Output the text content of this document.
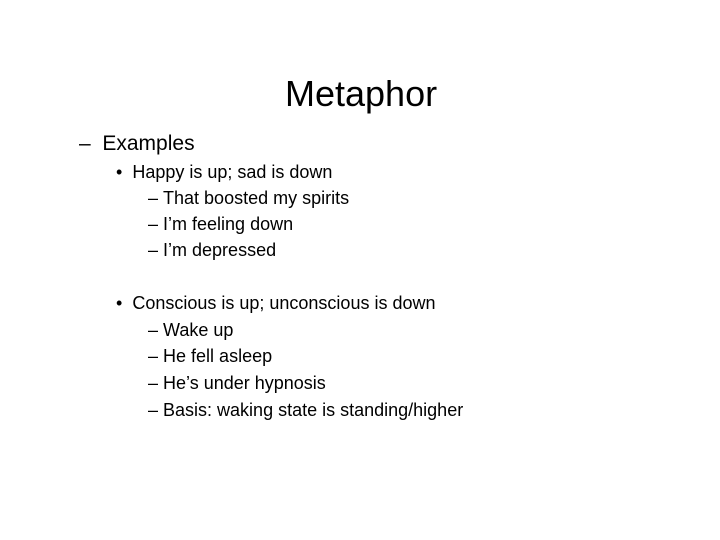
Metaphor
– Examples
• Happy is up; sad is down
– That boosted my spirits
– I’m feeling down
– I’m depressed
• Conscious is up; unconscious is down
– Wake up
– He fell asleep
– He’s under hypnosis
– Basis: waking state is standing/higher
